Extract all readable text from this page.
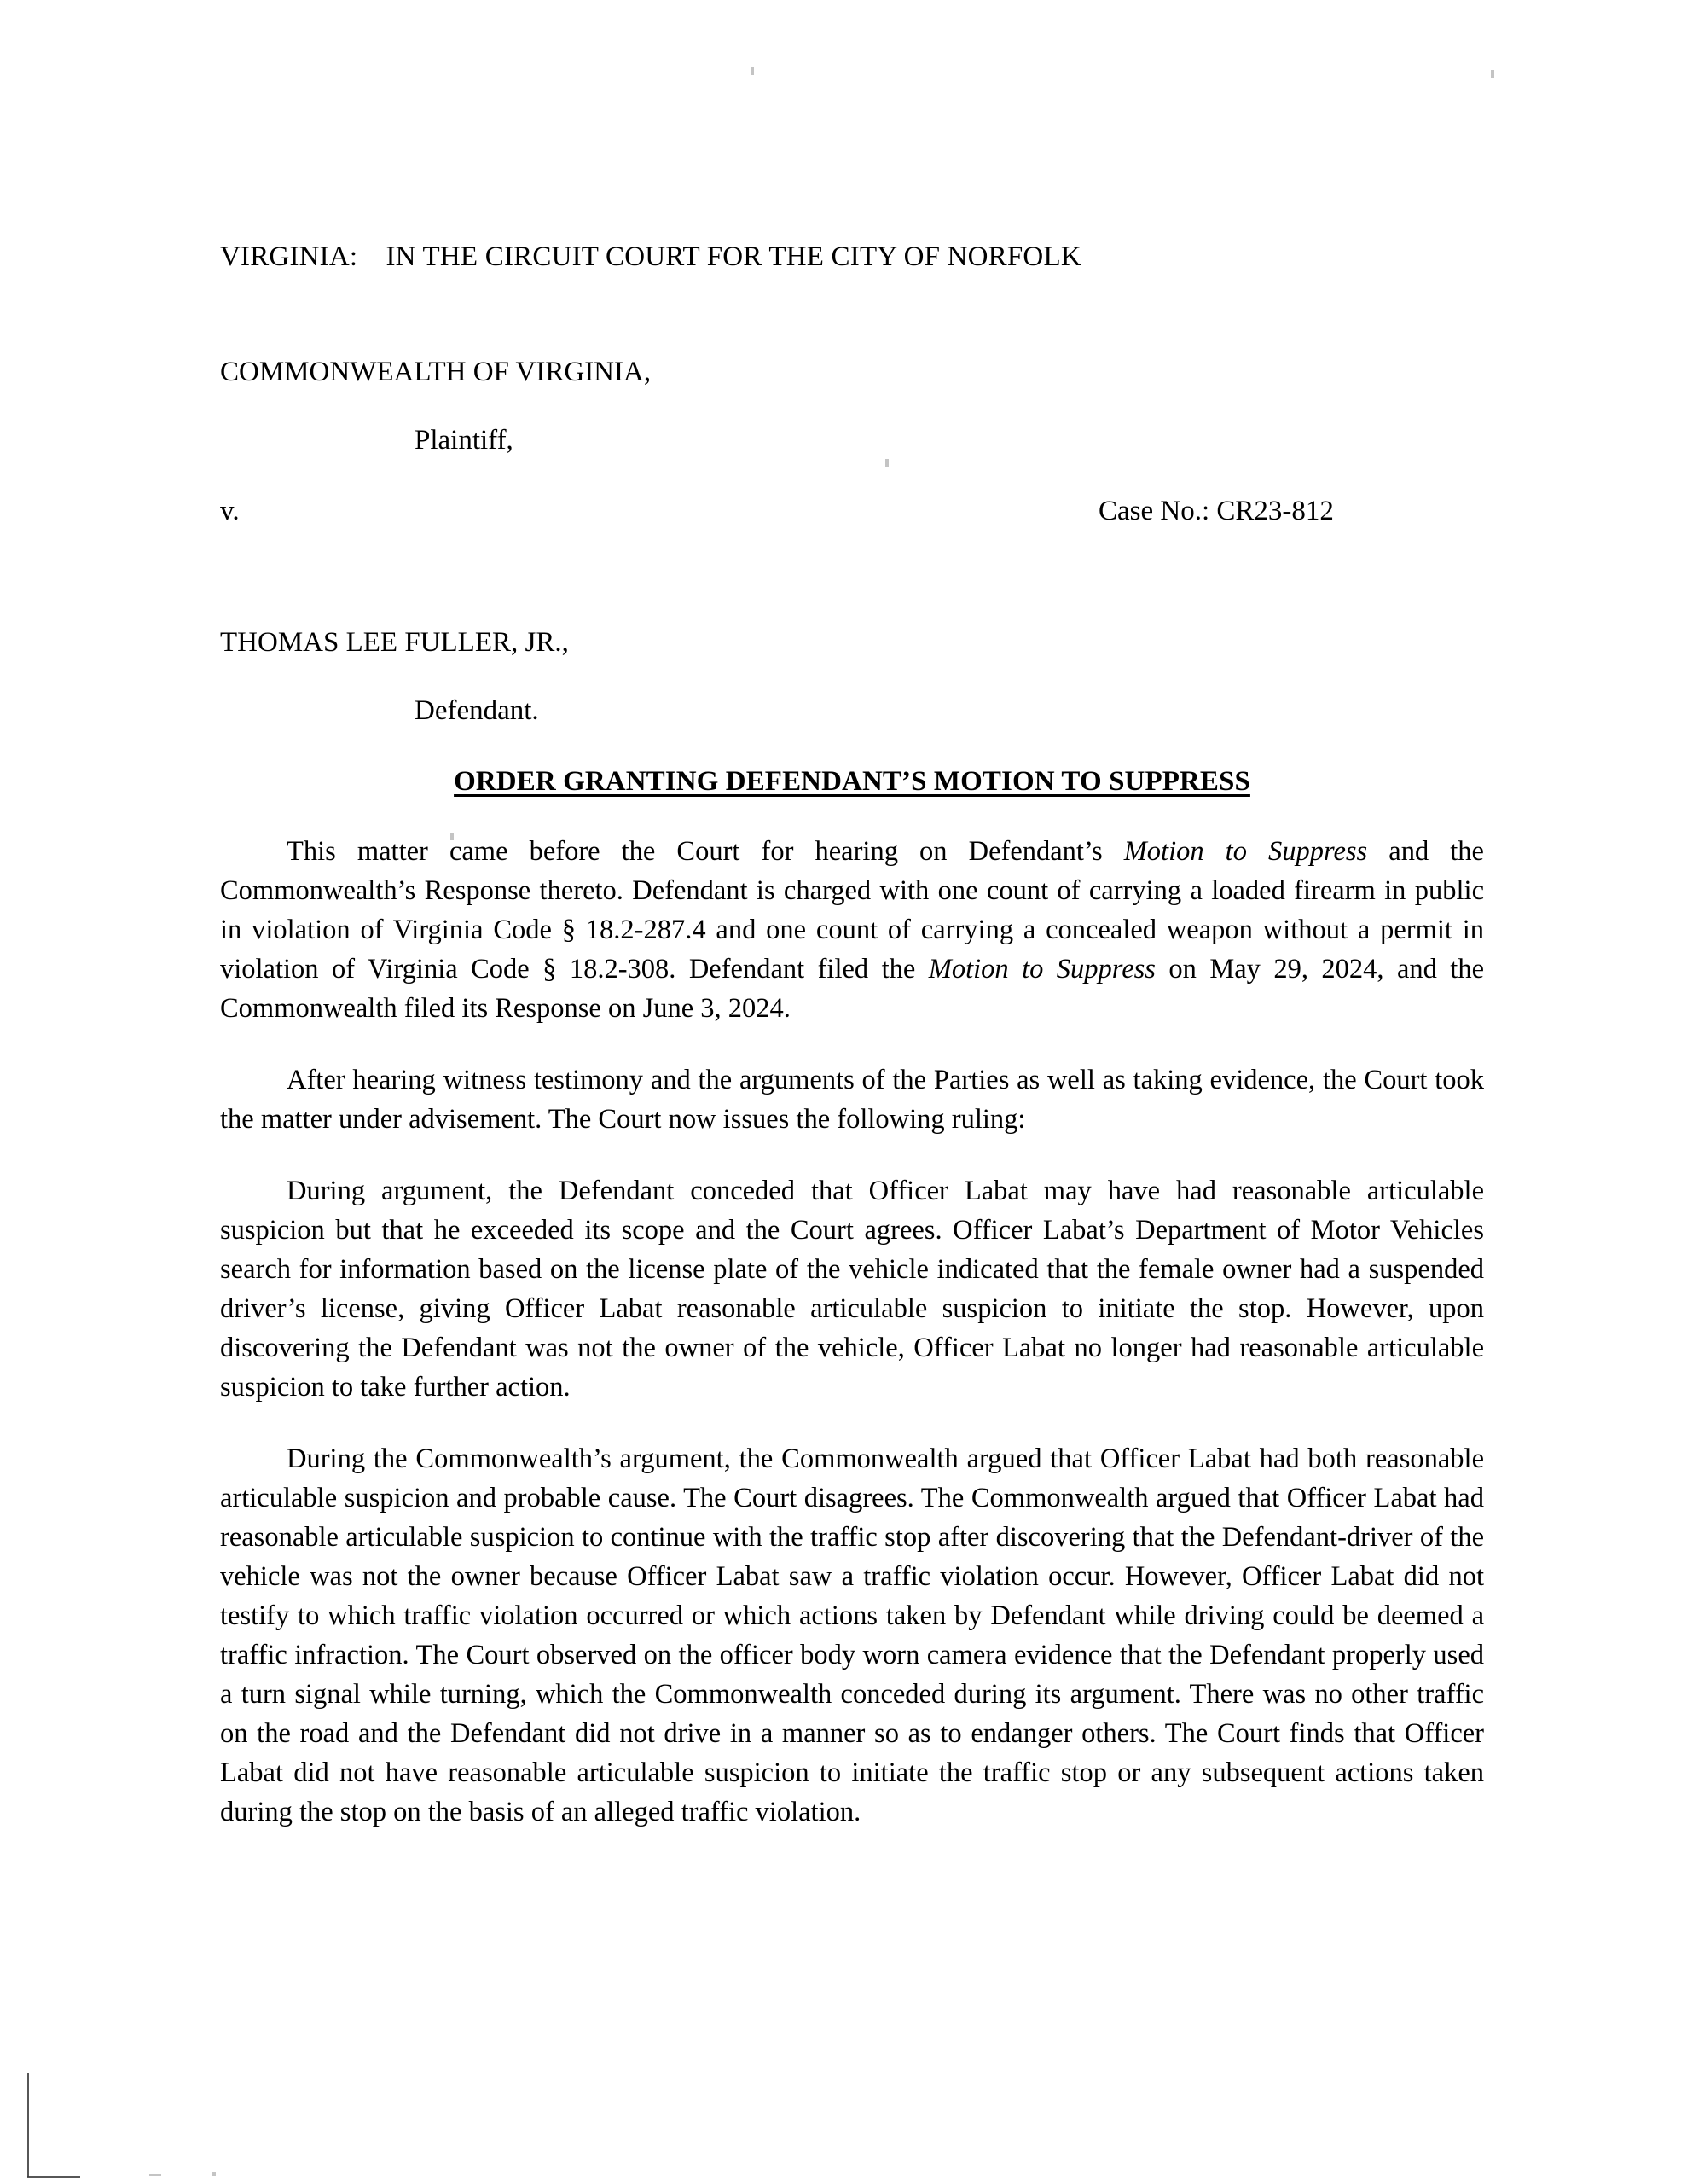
VIRGINIA: IN THE CIRCUIT COURT FOR THE CITY OF NORFOLK
COMMONWEALTH OF VIRGINIA,
Plaintiff,
v.	Case No.: CR23-812
THOMAS LEE FULLER, JR.,
Defendant.
ORDER GRANTING DEFENDANT’S MOTION TO SUPPRESS

This matter came before the Court for hearing on Defendant’s Motion to Suppress and the Commonwealth’s Response thereto. Defendant is charged with one count of carrying a loaded firearm in public in violation of Virginia Code § 18.2-287.4 and one count of carrying a concealed weapon without a permit in violation of Virginia Code § 18.2-308. Defendant filed the Motion to Suppress on May 29, 2024, and the Commonwealth filed its Response on June 3, 2024.

After hearing witness testimony and the arguments of the Parties as well as taking evidence, the Court took the matter under advisement. The Court now issues the following ruling:

During argument, the Defendant conceded that Officer Labat may have had reasonable articulable suspicion but that he exceeded its scope and the Court agrees. Officer Labat’s Department of Motor Vehicles search for information based on the license plate of the vehicle indicated that the female owner had a suspended driver’s license, giving Officer Labat reasonable articulable suspicion to initiate the stop. However, upon discovering the Defendant was not the owner of the vehicle, Officer Labat no longer had reasonable articulable suspicion to take further action.

During the Commonwealth’s argument, the Commonwealth argued that Officer Labat had both reasonable articulable suspicion and probable cause. The Court disagrees. The Commonwealth argued that Officer Labat had reasonable articulable suspicion to continue with the traffic stop after discovering that the Defendant-driver of the vehicle was not the owner because Officer Labat saw a traffic violation occur. However, Officer Labat did not testify to which traffic violation occurred or which actions taken by Defendant while driving could be deemed a traffic infraction. The Court observed on the officer body worn camera evidence that the Defendant properly used a turn signal while turning, which the Commonwealth conceded during its argument. There was no other traffic on the road and the Defendant did not drive in a manner so as to endanger others. The Court finds that Officer Labat did not have reasonable articulable suspicion to initiate the traffic stop or any subsequent actions taken during the stop on the basis of an alleged traffic violation.
